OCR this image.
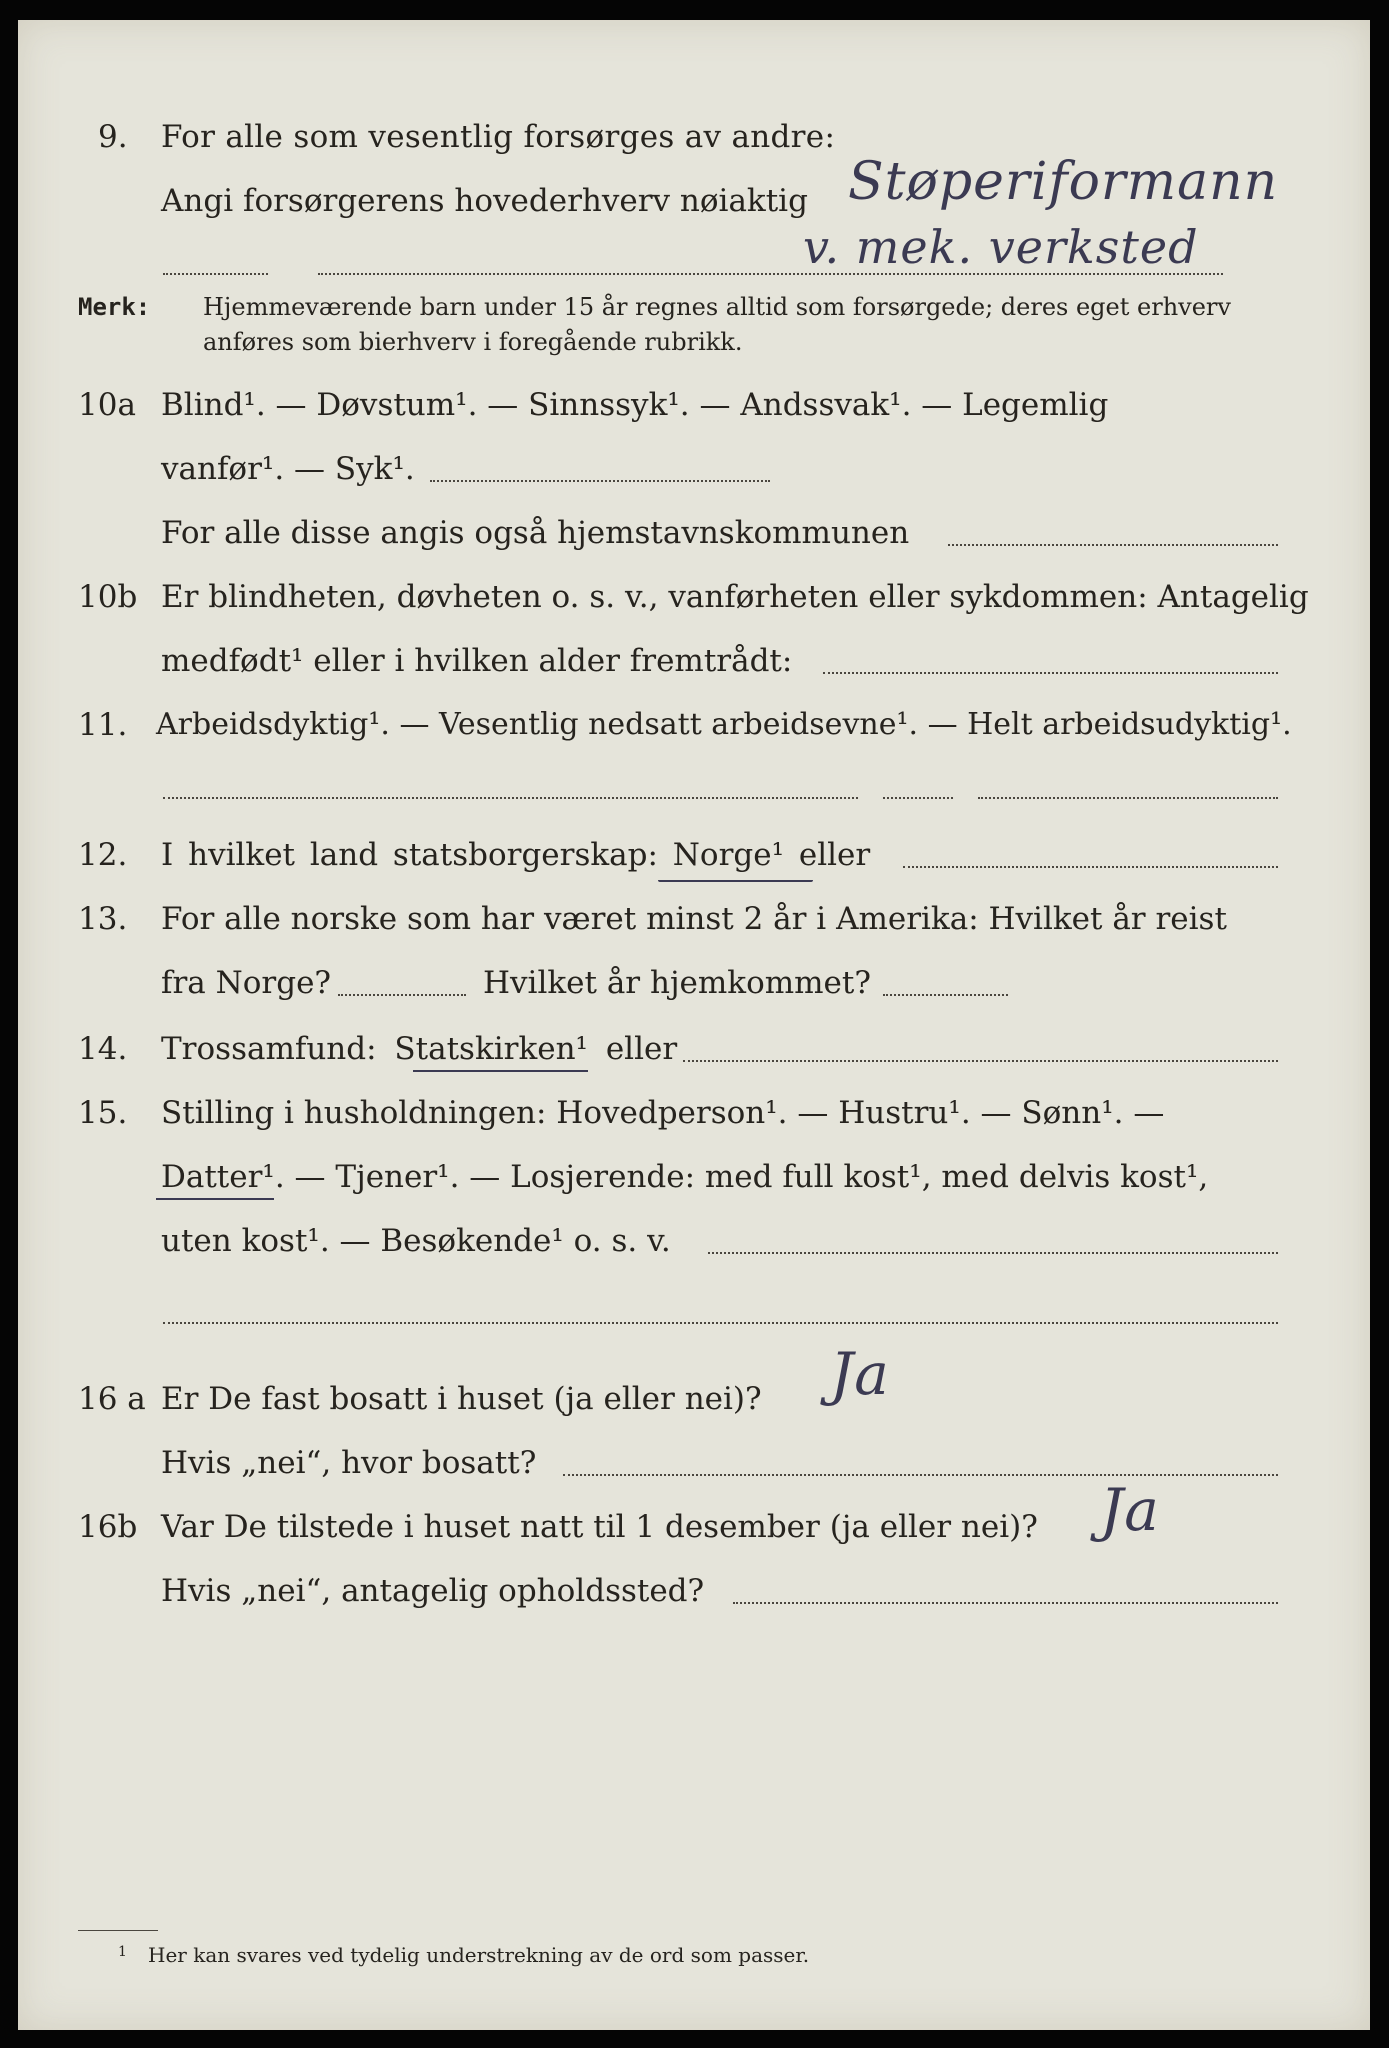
9. For alle som vesentlig forsørges av andre:
Angi forsørgerens hovederhverv nøiaktig Støperiformann
v. mek. verksted
Merk: Hjemmeværende barn under 15 år regnes alltid som forsørgede; deres eget erhverv
anføres som bierhverv i foregående rubrikk.
10a Blind¹. — Døvstum¹. — Sinnssyk¹. — Andssvak¹. — Legemlig
vanfør¹. — Syk¹.
For alle disse angis også hjemstavnskommunen
10b Er blindheten, døvheten o. s. v., vanførheten eller sykdommen: Antagelig
medfødt¹ eller i hvilken alder fremtrådt:
11. Arbeidsdyktig¹. — Vesentlig nedsatt arbeidsevne¹. — Helt arbeidsudyktig¹.
12. I hvilket land statsborgerskap: Norge¹ eller
13. For alle norske som har været minst 2 år i Amerika: Hvilket år reist
fra Norge?	Hvilket år hjemkommet?
14. Trossamfund: Statskirken¹ eller
15. Stilling i husholdningen: Hovedperson¹. — Hustru¹. — Sønn¹. —
Datter¹. — Tjener¹. — Losjerende: med full kost¹, med delvis kost¹,
uten kost¹. — Besøkende¹ o. s. v.
16 a Er De fast bosatt i huset (ja eller nei)? Ja
Hvis „nei“, hvor bosatt?
16b Var De tilstede i huset natt til 1 desember (ja eller nei)? Ja
Hvis „nei“, antagelig opholdssted?
1 Her kan svares ved tydelig understrekning av de ord som passer.
